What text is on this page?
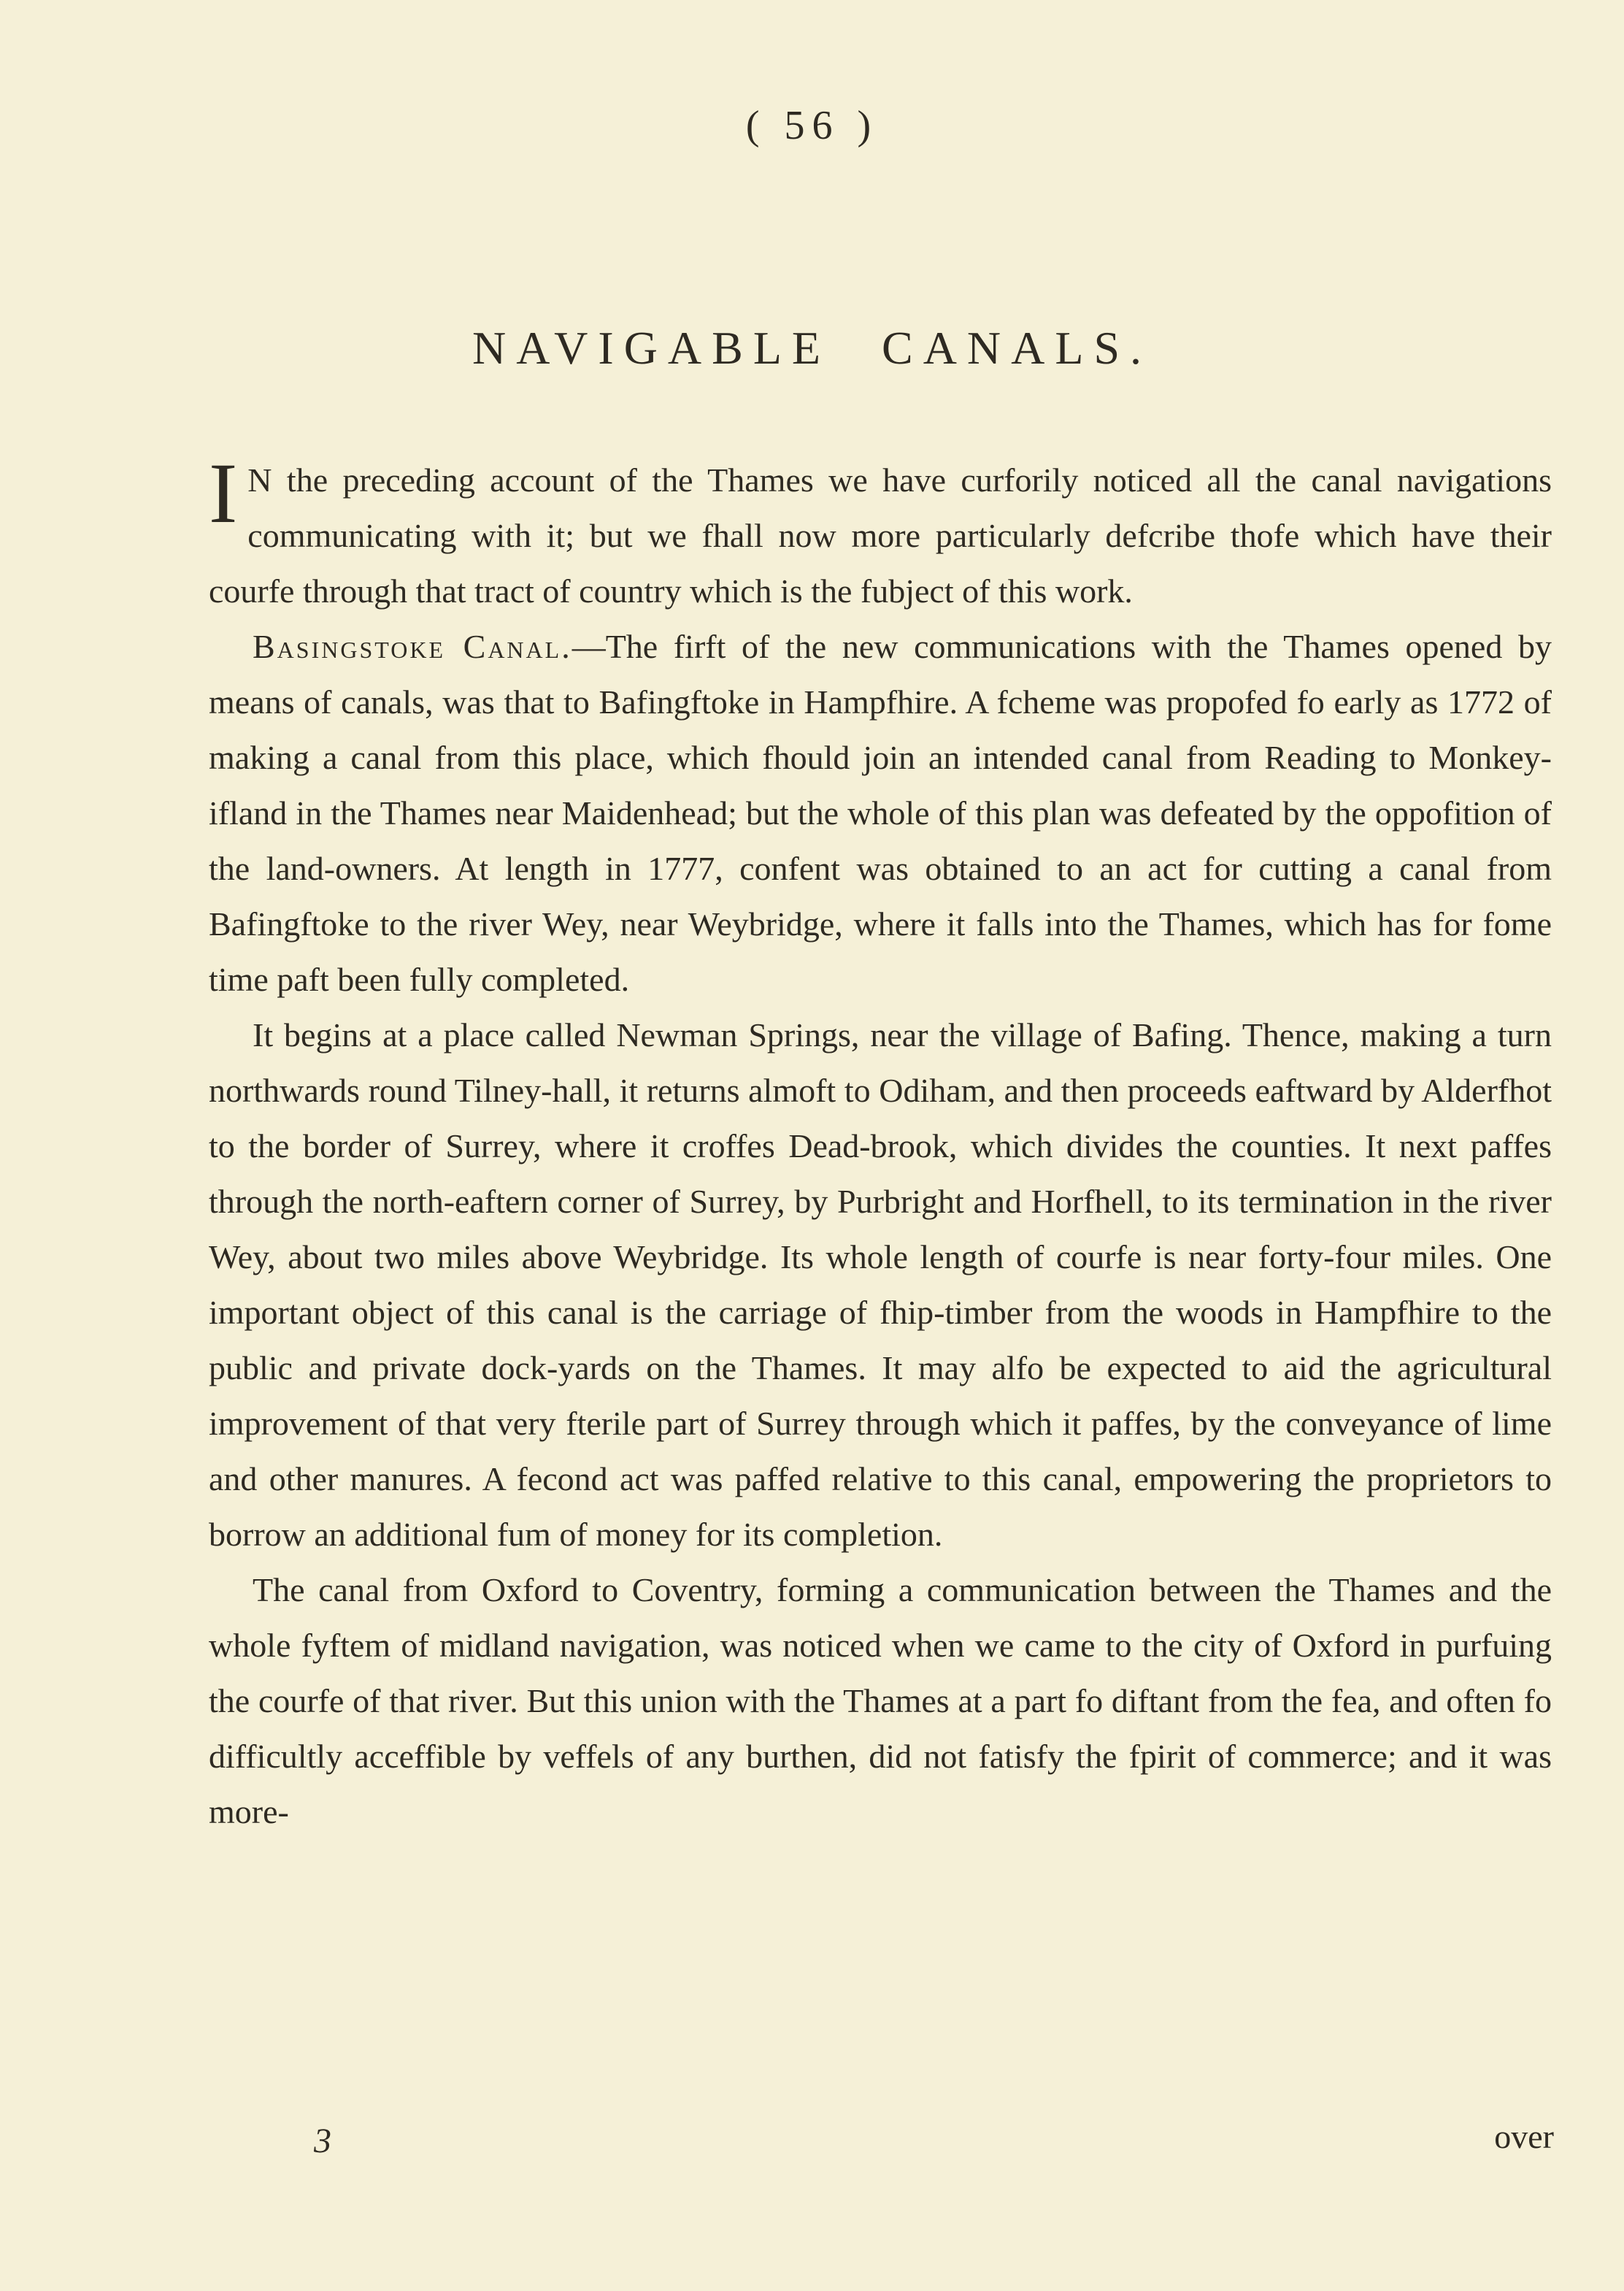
( 56 )
NAVIGABLE CANALS.

I N the preceding account of the Thames we have curforily noticed all the canal navigations communicating with it; but we fhall now more particularly defcribe thofe which have their courfe through that tract of country which is the fubject of this work.

Basingstoke Canal.—The firft of the new communications with the Thames opened by means of canals, was that to Bafingftoke in Hampfhire. A fcheme was propofed fo early as 1772 of making a canal from this place, which fhould join an intended canal from Reading to Monkey-ifland in the Thames near Maidenhead; but the whole of this plan was defeated by the oppofition of the land-owners. At length in 1777, confent was obtained to an act for cutting a canal from Bafingftoke to the river Wey, near Weybridge, where it falls into the Thames, which has for fome time paft been fully completed.

It begins at a place called Newman Springs, near the village of Bafing. Thence, making a turn northwards round Tilney-hall, it returns almoft to Odiham, and then proceeds eaftward by Alderfhot to the border of Surrey, where it croffes Dead-brook, which divides the counties. It next paffes through the north-eaftern corner of Surrey, by Purbright and Horfhell, to its termination in the river Wey, about two miles above Weybridge. Its whole length of courfe is near forty-four miles. One important object of this canal is the carriage of fhip-timber from the woods in Hampfhire to the public and private dock-yards on the Thames. It may alfo be expected to aid the agricultural improvement of that very fterile part of Surrey through which it paffes, by the conveyance of lime and other manures. A fecond act was paffed relative to this canal, empowering the proprietors to borrow an additional fum of money for its completion.

The canal from Oxford to Coventry, forming a communication between the Thames and the whole fyftem of midland navigation, was noticed when we came to the city of Oxford in purfuing the courfe of that river. But this union with the Thames at a part fo diftant from the fea, and often fo difficultly acceffible by veffels of any burthen, did not fatisfy the fpirit of commerce; and it was more-

3	over
